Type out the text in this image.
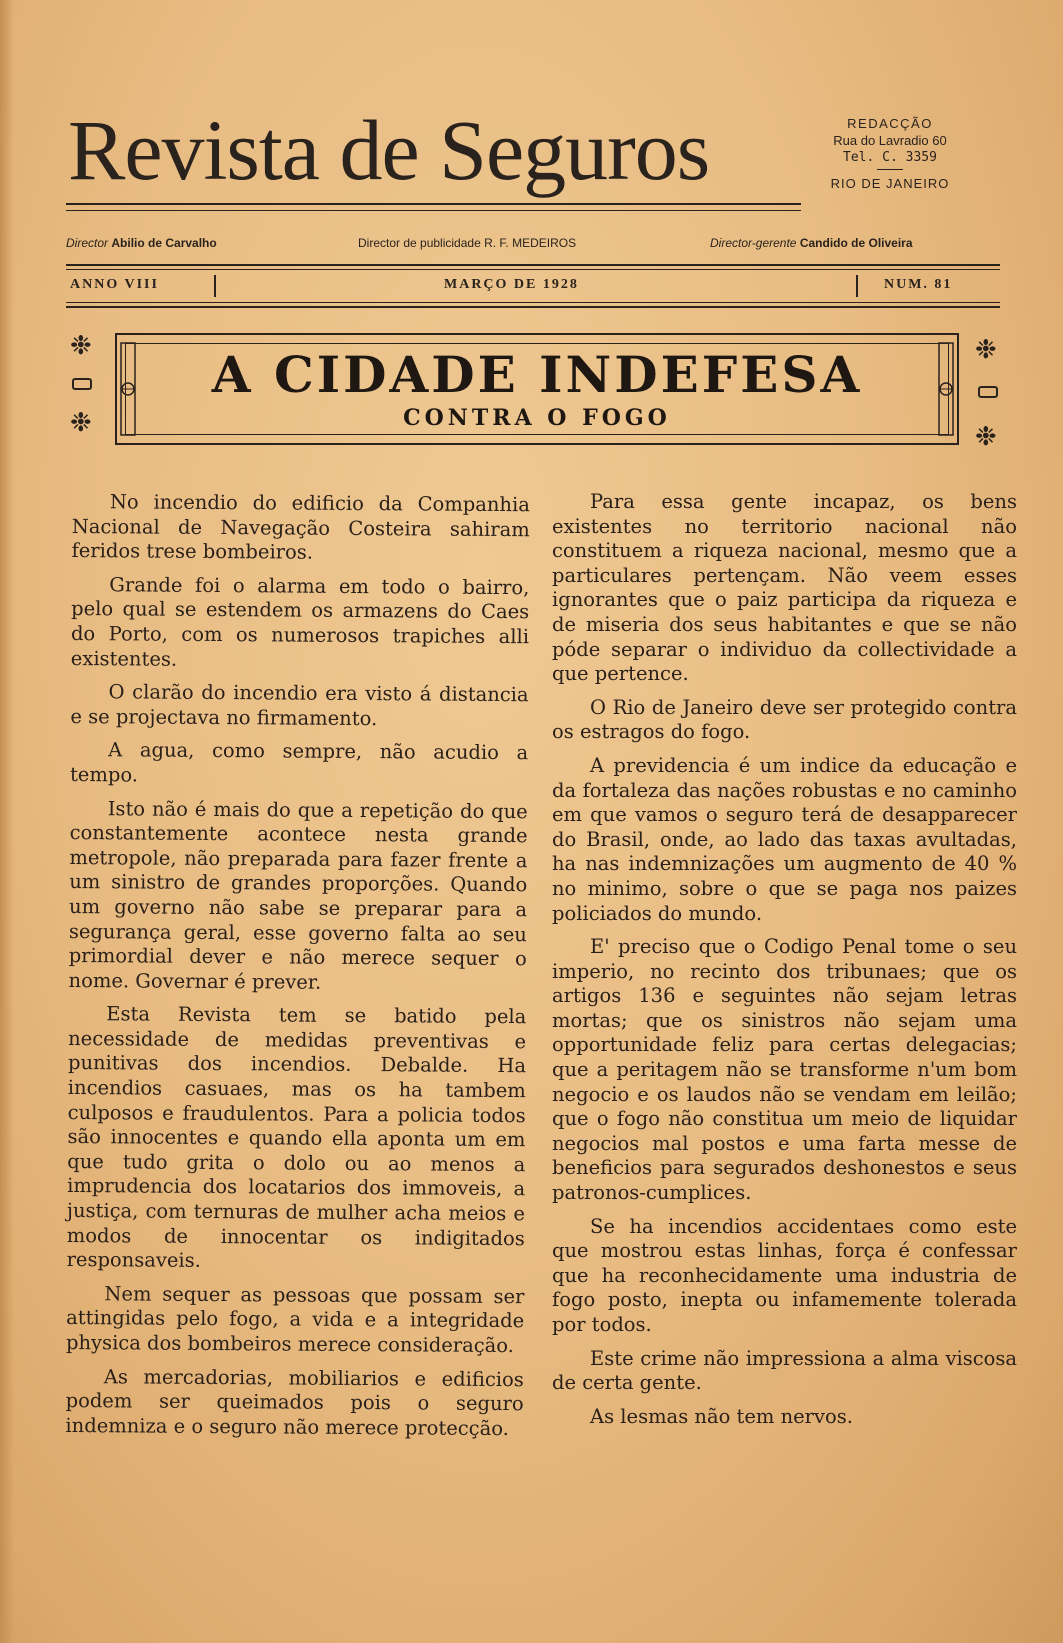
Revista de Seguros	REDACÇÃO
Rua do Lavradio 60
Tel. C. 3359
RIO DE JANEIRO
Director Abilio de Carvalho	Director de publicidade R. F. MEDEIROS	Director-gerente Candido de Oliveira
ANNO VIII	MARÇO DE 1928	NUM. 81
❉
❉
❉
❉
A CIDADE INDEFESA
CONTRA O FOGO

No incendio do edificio da Companhia Nacional de Navegação Costeira sahiram feridos trese bombeiros.

Grande foi o alarma em todo o bairro, pelo qual se estendem os armazens do Caes do Porto, com os numerosos trapiches alli existentes.

O clarão do incendio era visto á distancia e se projectava no firmamento.

A agua, como sempre, não acudio a tempo.

Isto não é mais do que a repetição do que constantemente acontece nesta grande metropole, não preparada para fazer frente a um sinistro de grandes proporções. Quando um governo não sabe se preparar para a segurança geral, esse governo falta ao seu primordial dever e não merece sequer o nome. Governar é prever.

Esta Revista tem se batido pela necessidade de medidas preventivas e punitivas dos incendios. Debalde. Ha incendios casuaes, mas os ha tambem culposos e fraudulentos. Para a policia todos são innocentes e quando ella aponta um em que tudo grita o dolo ou ao menos a imprudencia dos locatarios dos immoveis, a justiça, com ternuras de mulher acha meios e modos de innocentar os indigitados responsaveis.

Nem sequer as pessoas que possam ser attingidas pelo fogo, a vida e a integridade physica dos bombeiros merece consideração.

As mercadorias, mobiliarios e edificios podem ser queimados pois o seguro indemniza e o seguro não merece protecção.

Para essa gente incapaz, os bens existentes no territorio nacional não constituem a riqueza nacional, mesmo que a particulares pertençam. Não veem esses ignorantes que o paiz participa da riqueza e de miseria dos seus habitantes e que se não póde separar o individuo da collectividade a que pertence.

O Rio de Janeiro deve ser protegido contra os estragos do fogo.

A previdencia é um indice da educação e da fortaleza das nações robustas e no caminho em que vamos o seguro terá de desapparecer do Brasil, onde, ao lado das taxas avultadas, ha nas indemnizações um augmento de 40 % no minimo, sobre o que se paga nos paizes policiados do mundo.

E' preciso que o Codigo Penal tome o seu imperio, no recinto dos tribunaes; que os artigos 136 e seguintes não sejam letras mortas; que os sinistros não sejam uma opportunidade feliz para certas delegacias; que a peritagem não se transforme n'um bom negocio e os laudos não se vendam em leilão; que o fogo não constitua um meio de liquidar negocios mal postos e uma farta messe de beneficios para segurados deshonestos e seus patronos-cumplices.

Se ha incendios accidentaes como este que mostrou estas linhas, força é confessar que ha reconhecidamente uma industria de fogo posto, inepta ou infamemente tolerada por todos.

Este crime não impressiona a alma viscosa de certa gente.

As lesmas não tem nervos.
